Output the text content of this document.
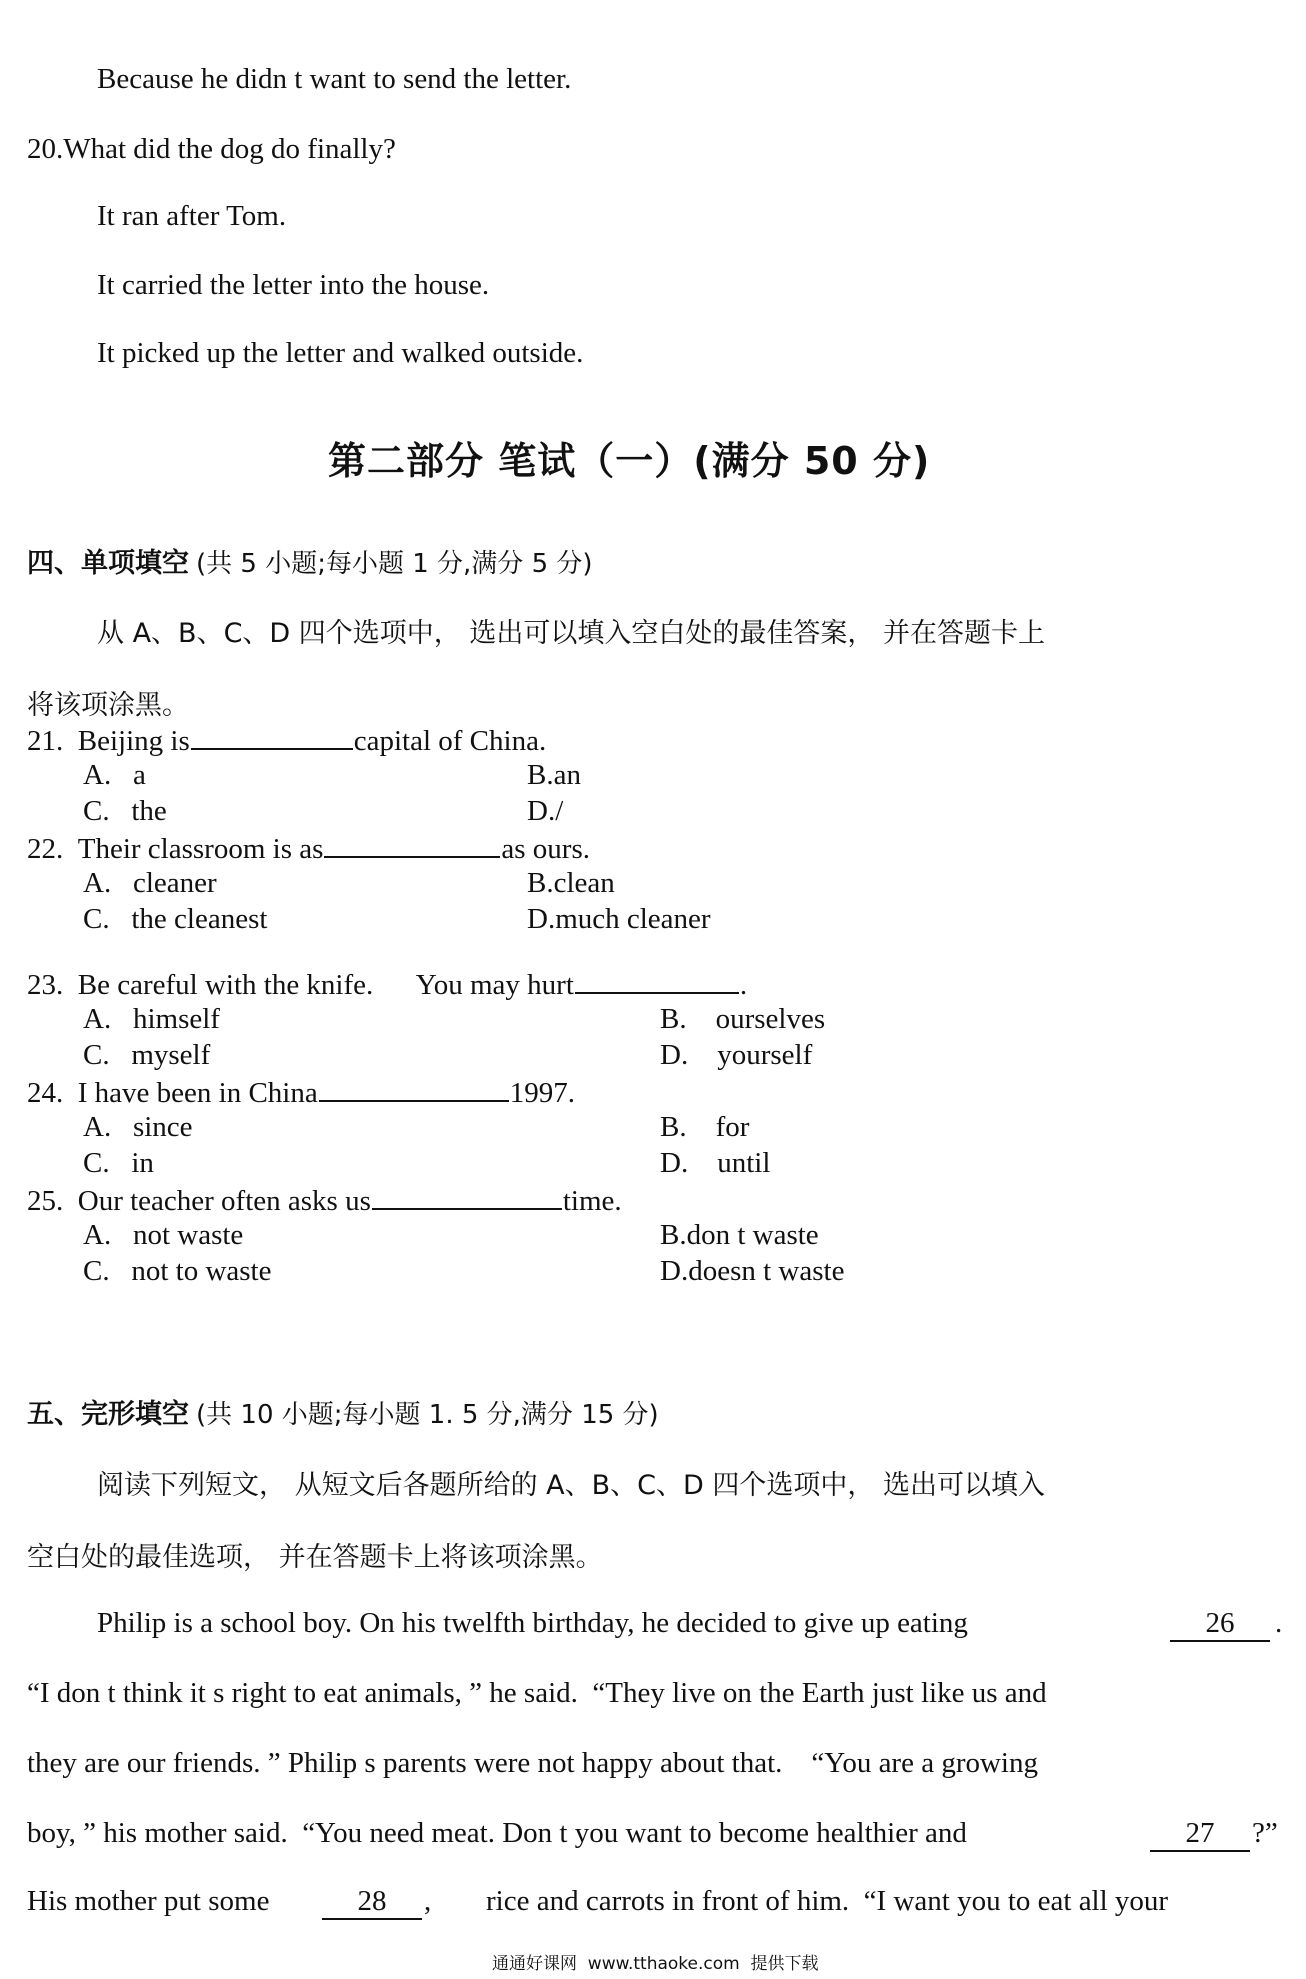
Because he didn t want to send the letter.
20.What did the dog do finally?
It ran after Tom.
It carried the letter into the house.
It picked up the letter and walked outside.
第二部分 笔试（一）(满分 50 分)
四、单项填空 (共 5 小题;每小题 1 分,满分 5 分)
从 A、B、C、D 四个选项中， 选出可以填入空白处的最佳答案， 并在答题卡上
将该项涂黑。
21. Beijing is	capital of China.
A. a	B.an
C. the	D./
22. Their classroom is as	as ours.
A. cleaner	B.clean
C. the cleanest	D.much cleaner
23. Be careful with the knife.      You may hurt	.
A. himself	B. ourselves
C. myself	D. yourself
24. I have been in China	1997.
A. since	B. for
C. in	D. until
25. Our teacher often asks us	time.
A. not waste	B.don t waste
C. not to waste	D.doesn t waste
五、完形填空 (共 10 小题;每小题 1. 5 分,满分 15 分)
阅读下列短文， 从短文后各题所给的 A、B、C、D 四个选项中， 选出可以填入
空白处的最佳选项， 并在答题卡上将该项涂黑。
Philip is a school boy. On his twelfth birthday, he decided to give up eating	26	.
“I don t think it s right to eat animals, ” he said.  “They live on the Earth just like us and
they are our friends. ” Philip s parents were not happy about that.    “You are a growing
boy, ” his mother said.  “You need meat. Don t you want to become healthier and	27	?”
His mother put some	28	, rice and carrots in front of him.  “I want you to eat all your
通通好课网  www.tthaoke.com  提供下载
